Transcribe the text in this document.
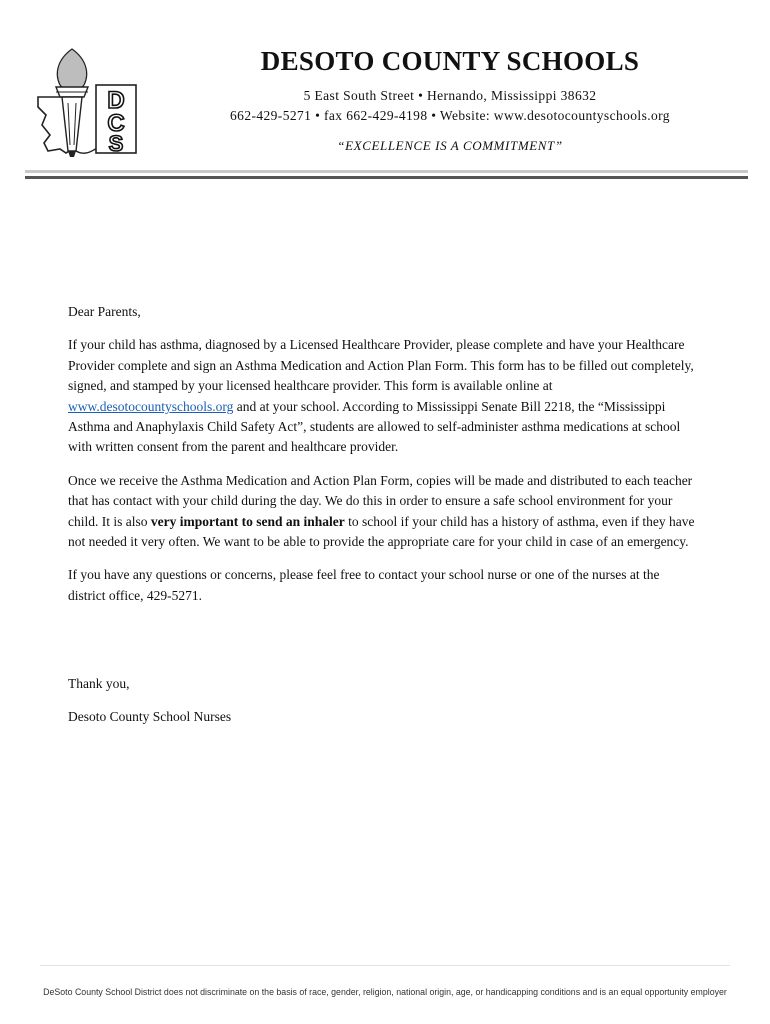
D
C
S
DESOTO COUNTY SCHOOLS
5 East South Street • Hernando, Mississippi 38632
662-429-5271 • fax 662-429-4198 • Website: www.desotocountyschools.org
“EXCELLENCE IS A COMMITMENT”

Dear Parents,

If your child has asthma, diagnosed by a Licensed Healthcare Provider, please complete and have your Healthcare Provider complete and sign an Asthma Medication and Action Plan Form. This form has to be filled out completely, signed, and stamped by your licensed healthcare provider. This form is available online at www.desotocountyschools.org and at your school. According to Mississippi Senate Bill 2218, the “Mississippi Asthma and Anaphylaxis Child Safety Act”, students are allowed to self-administer asthma medications at school with written consent from the parent and healthcare provider.

Once we receive the Asthma Medication and Action Plan Form, copies will be made and distributed to each teacher that has contact with your child during the day. We do this in order to ensure a safe school environment for your child. It is also very important to send an inhaler to school if your child has a history of asthma, even if they have not needed it very often. We want to be able to provide the appropriate care for your child in case of an emergency.

If you have any questions or concerns, please feel free to contact your school nurse or one of the nurses at the district office, 429-5271.

Thank you,
Desoto County School Nurses
DeSoto County School District does not discriminate on the basis of race, gender, religion, national origin, age, or handicapping conditions and is an equal opportunity employer
